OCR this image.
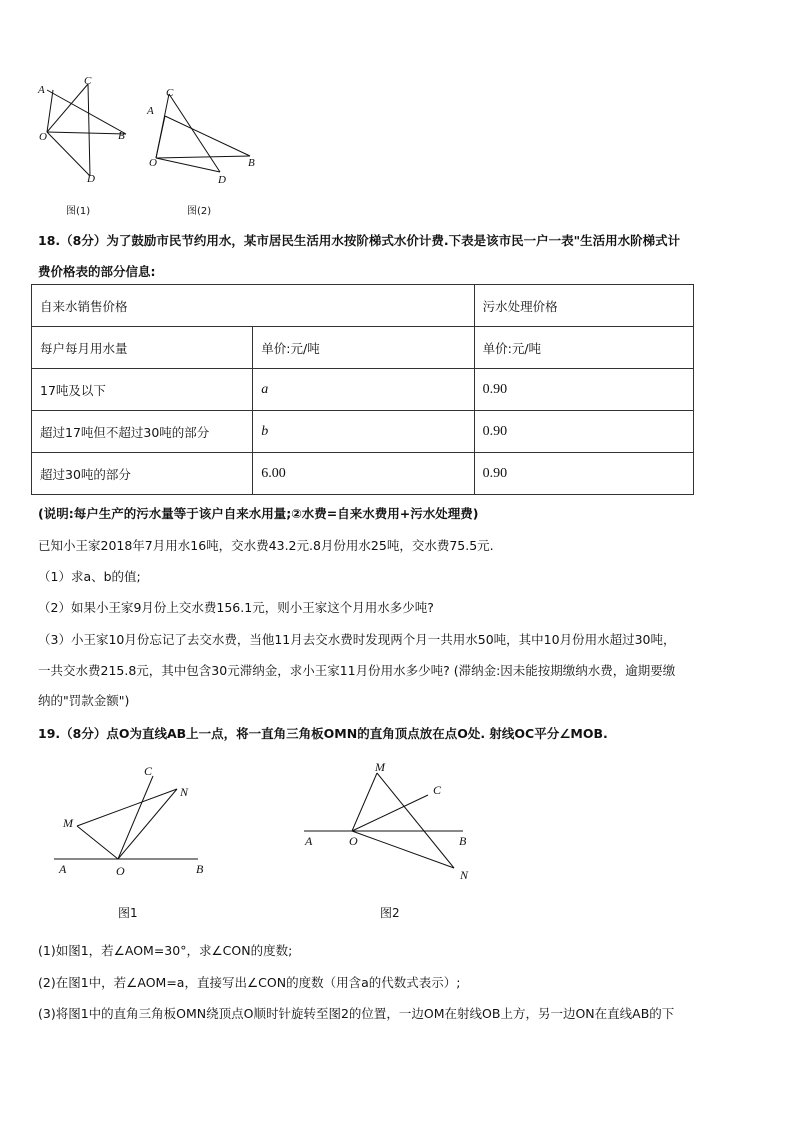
A
C
O	B
D
图(1)
C
A
O	B
D
图(2)
18.（8分）为了鼓励市民节约用水，某市居民生活用水按阶梯式水价计费.下表是该市民一户一表"生活用水阶梯式计
费价格表的部分信息:
自来水销售价格		污水处理价格
每户每月用水量	单价:元/吨	单价:元/吨
17吨及以下	a	0.90
超过17吨但不超过30吨的部分	b	0.90
超过30吨的部分	6.00	0.90
(说明:每户生产的污水量等于该户自来水用量;②水费=自来水费用+污水处理费)
已知小王家2018年7月用水16吨，交水费43.2元.8月份用水25吨，交水费75.5元.
（1）求a、b的值;
（2）如果小王家9月份上交水费156.1元，则小王家这个月用水多少吨?
（3）小王家10月份忘记了去交水费，当他11月去交水费时发现两个月一共用水50吨，其中10月份用水超过30吨，
一共交水费215.8元，其中包含30元滞纳金，求小王家11月份用水多少吨? (滞纳金:因未能按期缴纳水费，逾期要缴
纳的"罚款金额")
19.（8分）点O为直线AB上一点，将一直角三角板OMN的直角顶点放在点O处. 射线OC平分∠MOB.
C
N
M
A	O	B
图1
M
C
A	O	B
N
图2
(1)如图1，若∠AOM=30°，求∠CON的度数;
(2)在图1中，若∠AOM=a，直接写出∠CON的度数（用含a的代数式表示）;
(3)将图1中的直角三角板OMN绕顶点O顺时针旋转至图2的位置，一边OM在射线OB上方，另一边ON在直线AB的下
